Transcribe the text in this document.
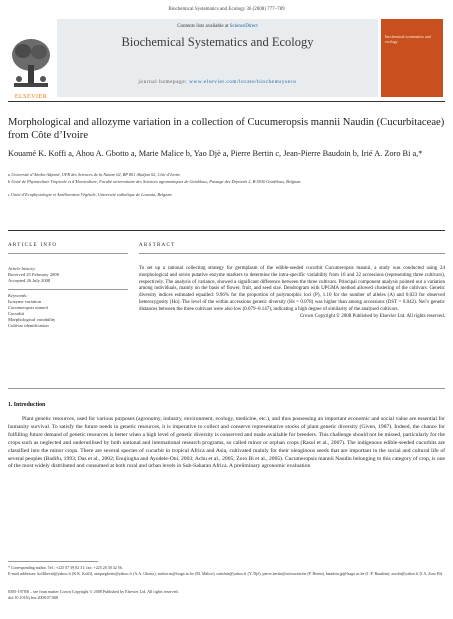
Biochemical Systematics and Ecology 36 (2008) 777–789
Contents lists available at ScienceDirect
Biochemical Systematics and Ecology
journal homepage: www.elsevier.com/locate/biochemsyseco
ELSEVIER
biochemical systematics and ecology
Morphological and allozyme variation in a collection of Cucumeropsis mannii Naudin (Cucurbitaceae) from Côte d’Ivoire
Kouamé K. Koffi a, Ahou A. Gbotto a, Marie Malice b, Yao Djè a, Pierre Bertin c, Jean-Pierre Baudoin b, Irié A. Zoro Bi a,*
a Université d’Abobo-Adjamé, UFR des Sciences de la Nature 02, BP 801 Abidjan 02, Côte d’Ivoire
b Unité de Phytotechnie Tropicale et d’Horticulture, Faculté universitaire des Sciences agronomiques de Gembloux, Passage des Déportés 2, B-5030 Gembloux, Belgium
c Unité d’Ecophysiologie et Amélioration Végétale, Université catholique de Louvain, Belgium
ARTICLE INFO	ABSTRACT
Article history:
Received 25 February 2008
Accepted 26 July 2008
Keywords:
Isozyme variation
Cucumeropsis mannii
Cucurbit
Morphological variability
Cultivar identification
To set up a rational collecting strategy for germplasm of the edible-seeded cucurbit Cucumeropsis mannii, a study was conducted using 24 morphological and seven putative enzyme markers to determine the intra-specific variability from 16 and 22 accessions (representing three cultivars), respectively. The analysis of variance, showed a significant difference between the three cultivars. Principal component analysis pointed out a variation among individuals, mainly on the basis of flower, fruit, and seed size. Dendrogram with UPGMA method allowed clustering of the cultivars. Genetic diversity indices estimated equalled: 9.96% for the proportion of polymorphic loci (P), 1.10 for the number of alleles (A) and 0.023 for observed heterozygosity (Ho). The level of the within accessions genetic diversity (Hs = 0.078) was higher than among accessions (DST = 0.042). Nei’s genetic distances between the three cultivars were also low (0.079–0.147), indicating a high degree of similarity of the analysed cultivars.
Crown Copyright © 2008 Published by Elsevier Ltd. All rights reserved.
1. Introduction
Plant genetic resources, used for various purposes (agronomy, industry, environment, ecology, medicine, etc.), and thus possessing an important economic and social value are essential for humanity survival. To satisfy the future needs in genetic resources, it is imperative to collect and conserve representative stocks of plant genetic diversity (Given, 1987). Indeed, the chance for fulfilling future demand of genetic resources is better when a high level of genetic diversity is conserved and made available for breeders. This challenge should not be missed, particularly for the crops such as neglected and underutilised by both national and international research programs, so called minor or orphan crops (Rasul et al., 2007). The indigenous edible-seeded cucurbits are classified into the minor crops. There are several species of cucurbit in tropical Africa and Asia, cultivated mainly for their oleaginous seeds that are important in the social and cultural life of several peoples (Badifu, 1993; Das et al., 2002; Enujiugha and Ayodele-Oni, 2003; Achu et al., 2005; Zoro Bi et al., 2005). Cucumeropsis mannii Naudin belonging to this category of crop, is one of the most widely distributed and consumed at both rural and urban levels in Sub-Saharan Africa. A preliminary agronomic evaluation
* Corresponding author. Tel.: +225 07 39 02 31; fax: +225 20 30 42 56.
E-mail addresses: koffikevin@yahoo.fr (K.K. Koffi), aniquegbotto@yahoo.fr (A.A. Gbotto), malice.m@fsagx.ac.be (M. Malice), satisfaie@yahoo.fr (Y. Djè), pierre.bertin@uclouvain.be (P. Bertin), baudoin.jp@fsagx.ac.be (J.-P. Baudoin), zorobi@yahoo.fr (I.A. Zoro Bi).
0305-1978/$ – see front matter Crown Copyright © 2008 Published by Elsevier Ltd. All rights reserved.
doi:10.1016/j.bse.2008.07.008
